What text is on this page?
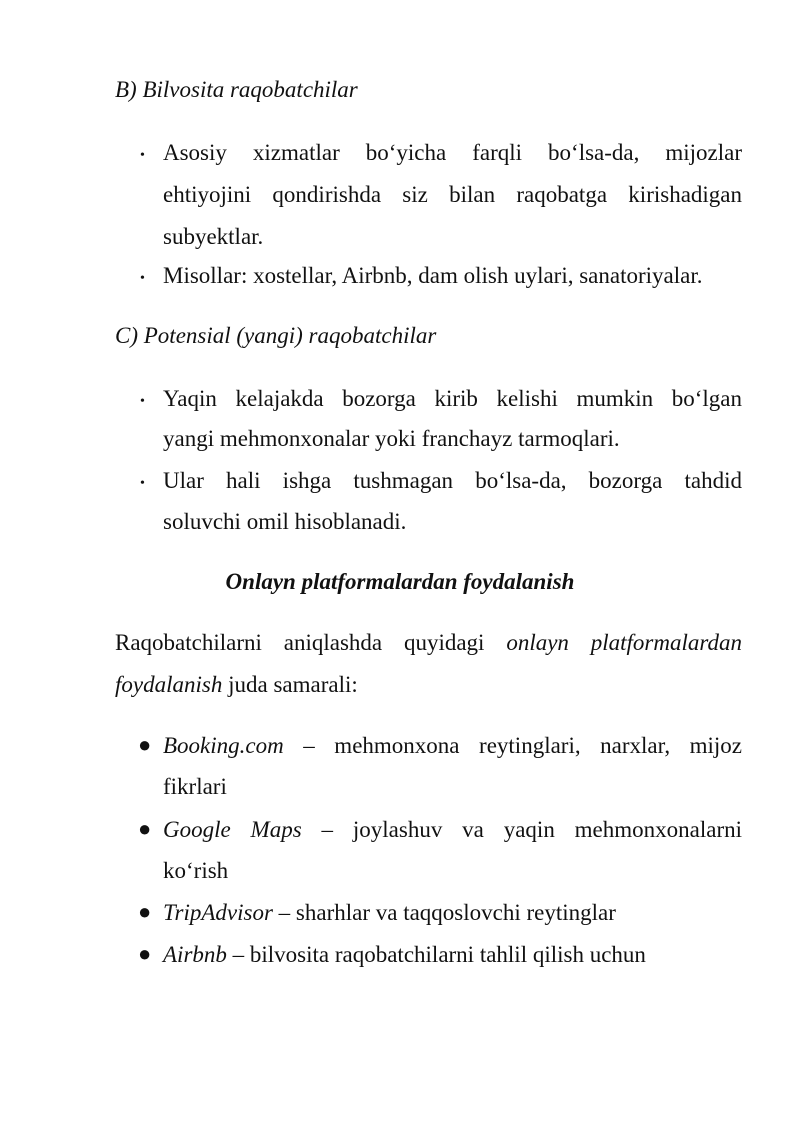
B) Bilvosita raqobatchilar
• Asosiy xizmatlar bo‘yicha farqli bo‘lsa-da, mijozlar
ehtiyojini qondirishda siz bilan raqobatga kirishadigan
subyektlar.
• Misollar: xostellar, Airbnb, dam olish uylari, sanatoriyalar.
C) Potensial (yangi) raqobatchilar
• Yaqin kelajakda bozorga kirib kelishi mumkin bo‘lgan
yangi mehmonxonalar yoki franchayz tarmoqlari.
• Ular hali ishga tushmagan bo‘lsa-da, bozorga tahdid
soluvchi omil hisoblanadi.
Onlayn platformalardan foydalanish
Raqobatchilarni aniqlashda quyidagi onlayn platformalardan
foydalanish juda samarali:
● Booking.com – mehmonxona reytinglari, narxlar, mijoz
fikrlari
● Google Maps – joylashuv va yaqin mehmonxonalarni
ko‘rish
● TripAdvisor – sharhlar va taqqoslovchi reytinglar
● Airbnb – bilvosita raqobatchilarni tahlil qilish uchun
